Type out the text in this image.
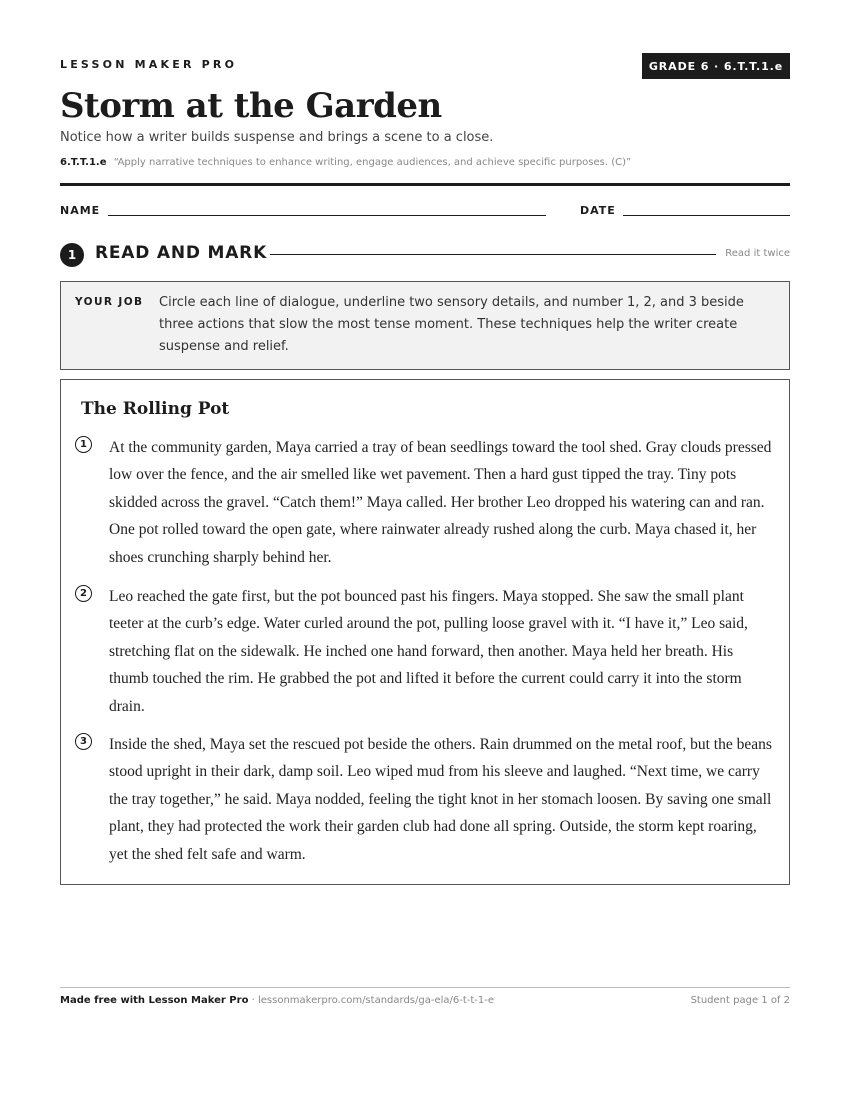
LESSON MAKER PRO	GRADE 6 · 6.T.T.1.e
Storm at the Garden
Notice how a writer builds suspense and brings a scene to a close.
6.T.T.1.e “Apply narrative techniques to enhance writing, engage audiences, and achieve specific purposes. (C)”
NAME	DATE
1	READ AND MARK	Read it twice
YOUR JOB Circle each line of dialogue, underline two sensory details, and number 1, 2, and 3 beside three actions that slow the most tense moment. These techniques help the writer create suspense and relief.
The Rolling Pot
1	At the community garden, Maya carried a tray of bean seedlings toward the tool shed. Gray clouds pressed low over the fence, and the air smelled like wet pavement. Then a hard gust tipped the tray. Tiny pots skidded across the gravel. “Catch them!” Maya called. Her brother Leo dropped his watering can and ran. One pot rolled toward the open gate, where rainwater already rushed along the curb. Maya chased it, her shoes crunching sharply behind her.

2	Leo reached the gate first, but the pot bounced past his fingers. Maya stopped. She saw the small plant teeter at the curb’s edge. Water curled around the pot, pulling loose gravel with it. “I have it,” Leo said, stretching flat on the sidewalk. He inched one hand forward, then another. Maya held her breath. His thumb touched the rim. He grabbed the pot and lifted it before the current could carry it into the storm drain.

3	Inside the shed, Maya set the rescued pot beside the others. Rain drummed on the metal roof, but the beans stood upright in their dark, damp soil. Leo wiped mud from his sleeve and laughed. “Next time, we carry the tray together,” he said. Maya nodded, feeling the tight knot in her stomach loosen. By saving one small plant, they had protected the work their garden club had done all spring. Outside, the storm kept roaring, yet the shed felt safe and warm.

Made free with Lesson Maker Pro · lessonmakerpro.com/standards/ga-ela/6-t-t-1-e	Student page 1 of 2
